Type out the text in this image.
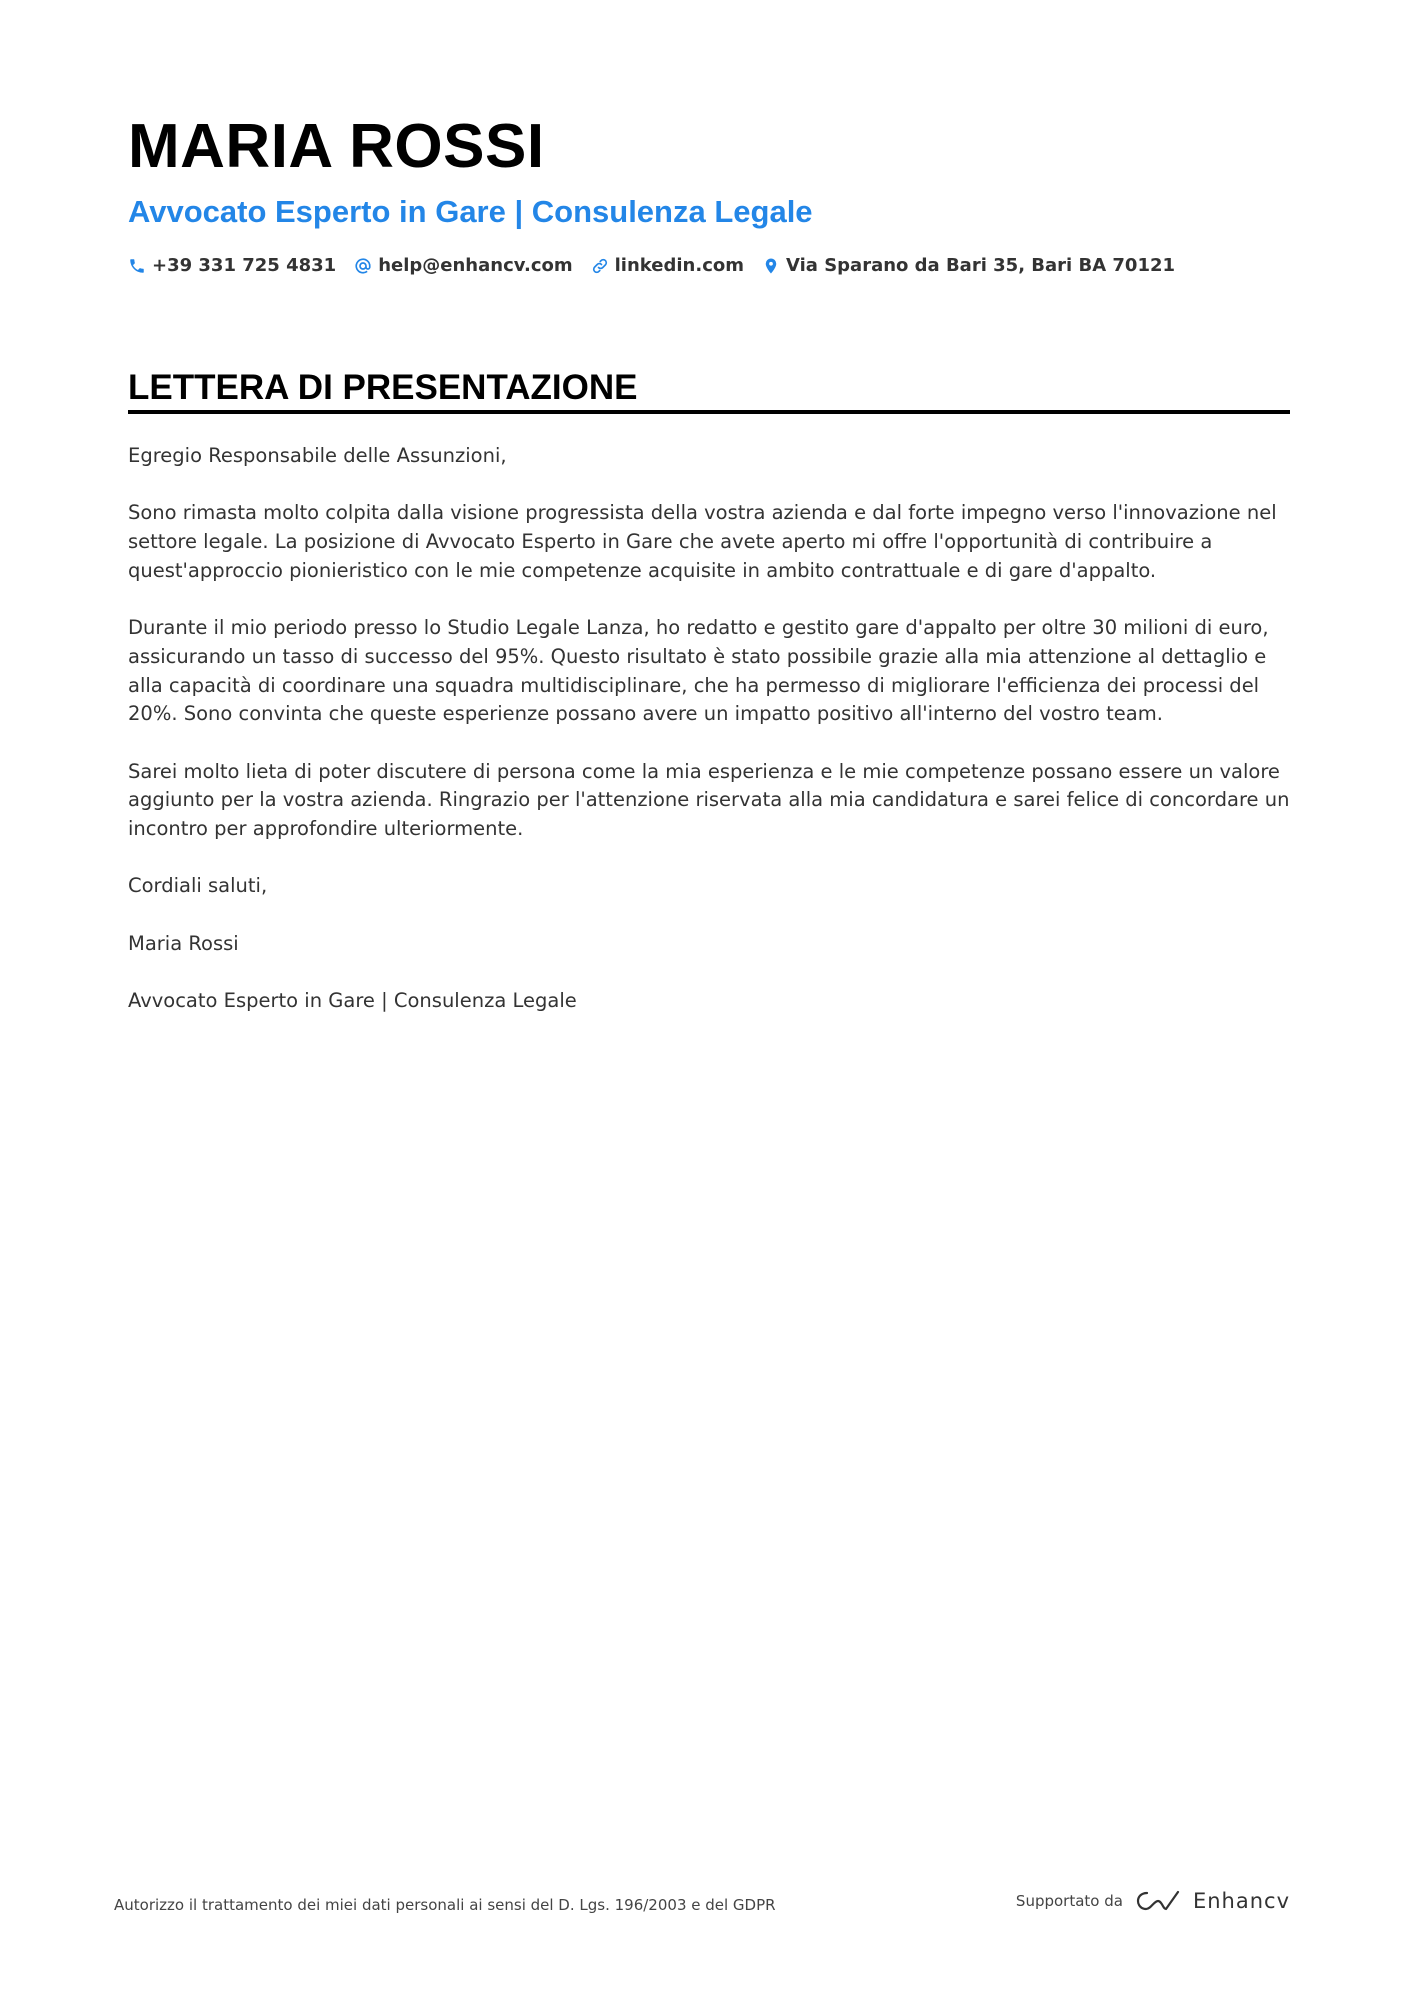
MARIA ROSSI
Avvocato Esperto in Gare | Consulenza Legale
+39 331 725 4831 help@enhancv.com linkedin.com Via Sparano da Bari 35, Bari BA 70121
LETTERA DI PRESENTAZIONE

Egregio Responsabile delle Assunzioni,

Sono rimasta molto colpita dalla visione progressista della vostra azienda e dal forte impegno verso l'innovazione nel settore legale. La posizione di Avvocato Esperto in Gare che avete aperto mi offre l'opportunità di contribuire a quest'approccio pionieristico con le mie competenze acquisite in ambito contrattuale e di gare d'appalto.

Durante il mio periodo presso lo Studio Legale Lanza, ho redatto e gestito gare d'appalto per oltre 30 milioni di euro, assicurando un tasso di successo del 95%. Questo risultato è stato possibile grazie alla mia attenzione al dettaglio e alla capacità di coordinare una squadra multidisciplinare, che ha permesso di migliorare l'efficienza dei processi del 20%. Sono convinta che queste esperienze possano avere un impatto positivo all'interno del vostro team.

Sarei molto lieta di poter discutere di persona come la mia esperienza e le mie competenze possano essere un valore aggiunto per la vostra azienda. Ringrazio per l'attenzione riservata alla mia candidatura e sarei felice di concordare un incontro per approfondire ulteriormente.

Cordiali saluti,

Maria Rossi

Avvocato Esperto in Gare | Consulenza Legale

Autorizzo il trattamento dei miei dati personali ai sensi del D. Lgs. 196/2003 e del GDPR	Supportato da	Enhancv
